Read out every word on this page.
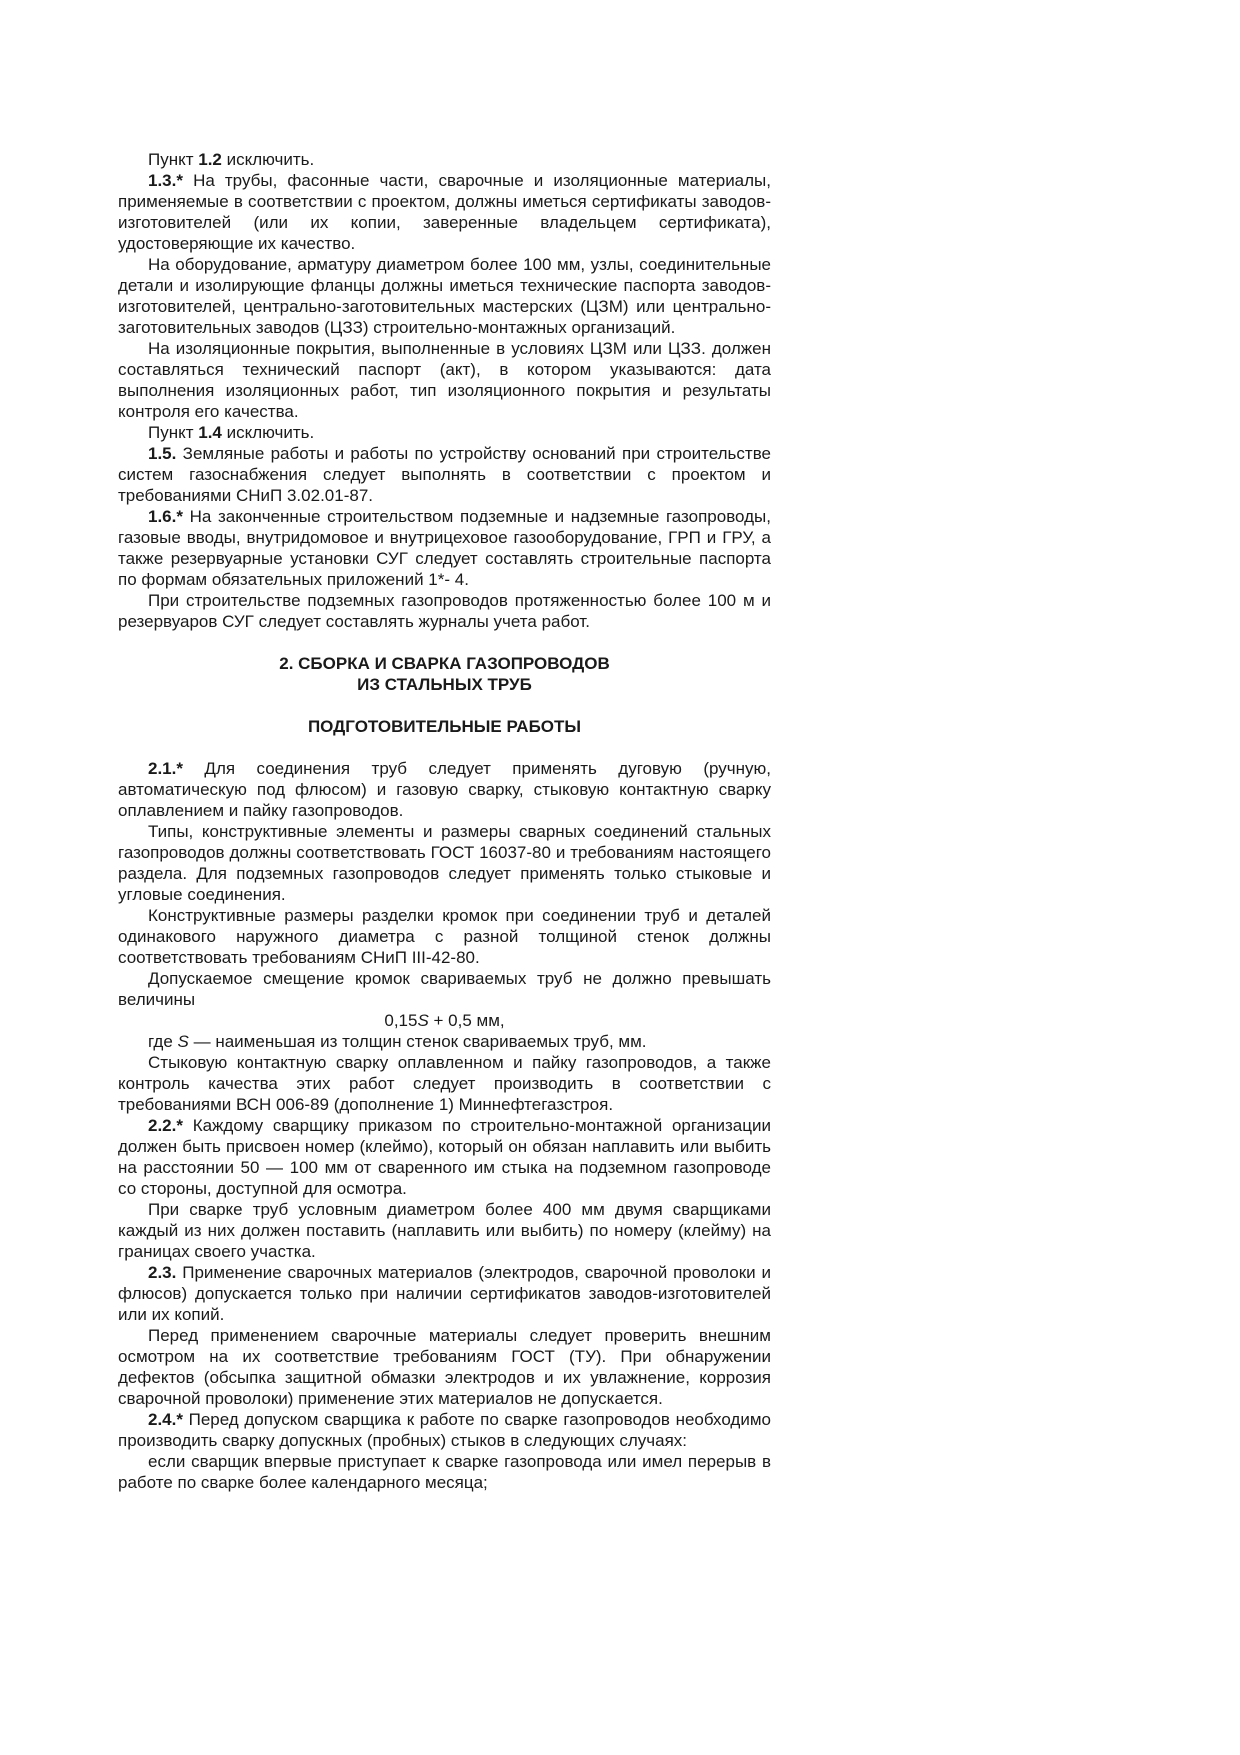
Пункт 1.2 исключить.

1.3.* На трубы, фасонные части, сварочные и изоляционные материалы, применяемые в соответствии с проектом, должны иметься сертификаты заводов-изготовителей (или их копии, заверенные владельцем сертификата), удостоверяющие их качество.

На оборудование, арматуру диаметром более 100 мм, узлы, соединительные детали и изолирующие фланцы должны иметься технические паспорта заводов-изготовителей, центрально-заготовительных мастерских (ЦЗМ) или центрально-заготовительных заводов (ЦЗЗ) строительно-монтажных организаций.

На изоляционные покрытия, выполненные в условиях ЦЗМ или ЦЗЗ. должен составляться технический паспорт (акт), в котором указываются: дата выполнения изоляционных работ, тип изоляционного покрытия и результаты контроля его качества.

Пункт 1.4 исключить.

1.5. Земляные работы и работы по устройству оснований при строительстве систем газоснабжения следует выполнять в соответствии с проектом и требованиями СНиП 3.02.01-87.

1.6.* На законченные строительством подземные и надземные газопроводы, газовые вводы, внутридомовое и внутрицеховое газооборудование, ГРП и ГРУ, а также резервуарные установки СУГ следует составлять строительные паспорта по формам обязательных приложений 1*- 4.

При строительстве подземных газопроводов протяженностью более 100 м и резервуаров СУГ следует составлять журналы учета работ.

2. СБОРКА И СВАРКА ГАЗОПРОВОДОВ
ИЗ СТАЛЬНЫХ ТРУБ

ПОДГОТОВИТЕЛЬНЫЕ РАБОТЫ

2.1.* Для соединения труб следует применять дуговую (ручную, автоматическую под флюсом) и газовую сварку, стыковую контактную сварку оплавлением и пайку газопроводов.

Типы, конструктивные элементы и размеры сварных соединений стальных газопроводов должны соответствовать ГОСТ 16037-80 и требованиям настоящего раздела. Для подземных газопроводов следует применять только стыковые и угловые соединения.

Конструктивные размеры разделки кромок при соединении труб и деталей одинакового наружного диаметра с разной толщиной стенок должны соответствовать требованиям СНиП III-42-80.

Допускаемое смещение кромок свариваемых труб не должно превышать величины

0,15S + 0,5 мм,

где S — наименьшая из толщин стенок свариваемых труб, мм.

Стыковую контактную сварку оплавленном и пайку газопроводов, а также контроль качества этих работ следует производить в соответствии с требованиями ВСН 006-89 (дополнение 1) Миннефтегазстроя.

2.2.* Каждому сварщику приказом по строительно-монтажной организации должен быть присвоен номер (клеймо), который он обязан наплавить или выбить на расстоянии 50 — 100 мм от сваренного им стыка на подземном газопроводе со стороны, доступной для осмотра.

При сварке труб условным диаметром более 400 мм двумя сварщиками каждый из них должен поставить (наплавить или выбить) по номеру (клейму) на границах своего участка.

2.3. Применение сварочных материалов (электродов, сварочной проволоки и флюсов) допускается только при наличии сертификатов заводов-изготовителей или их копий.

Перед применением сварочные материалы следует проверить внешним осмотром на их соответствие требованиям ГОСТ (ТУ). При обнаружении дефектов (обсыпка защитной обмазки электродов и их увлажнение, коррозия сварочной проволоки) применение этих материалов не допускается.

2.4.* Перед допуском сварщика к работе по сварке газопроводов необходимо производить сварку допускных (пробных) стыков в следующих случаях:

если сварщик впервые приступает к сварке газопровода или имел перерыв в работе по сварке более календарного месяца;
